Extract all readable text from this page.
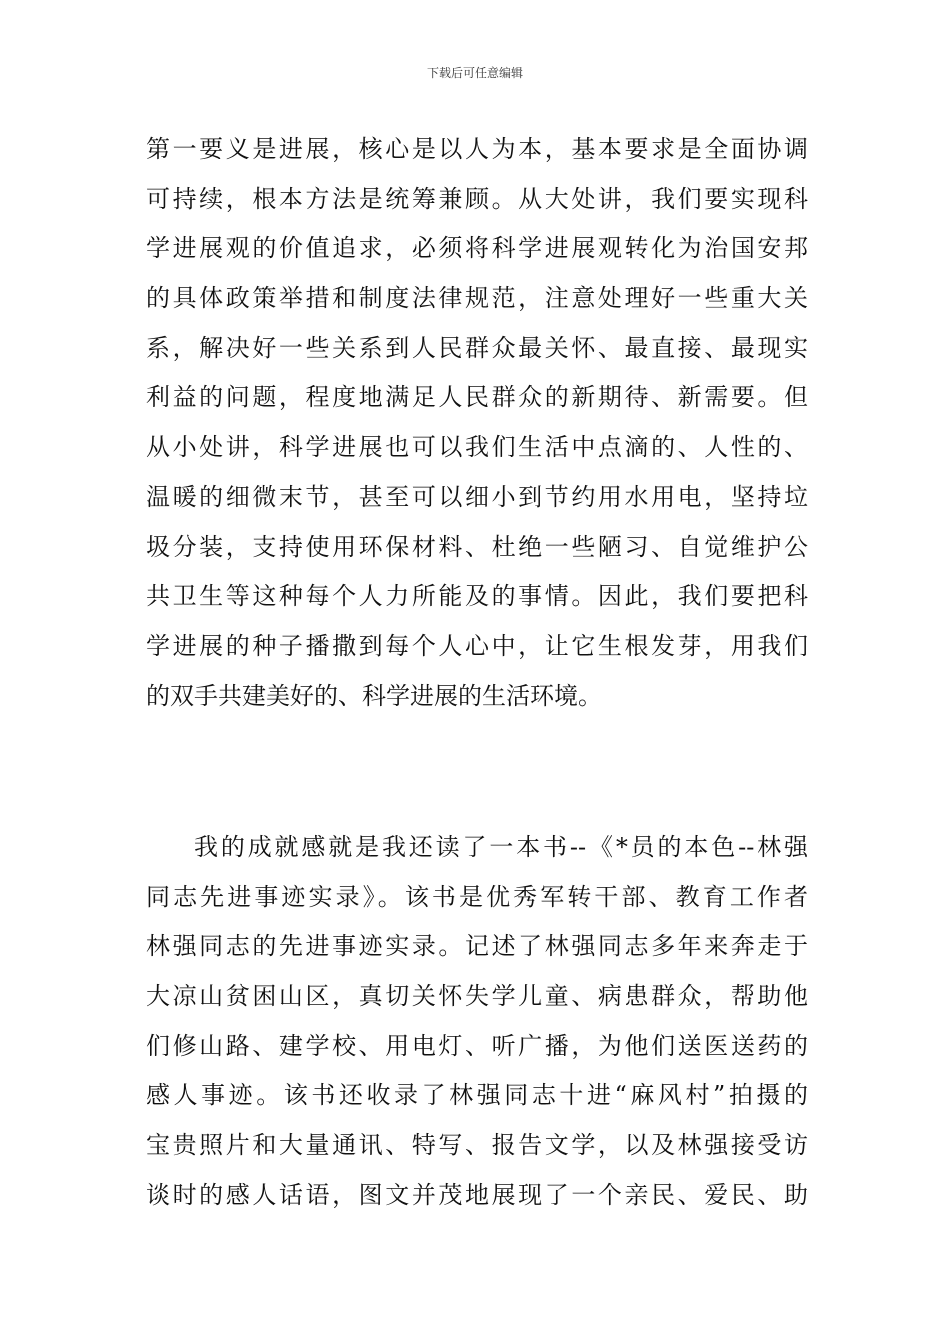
下载后可任意编辑
第一要义是进展，核心是以人为本，基本要求是全面协调
可持续，根本方法是统筹兼顾。从大处讲，我们要实现科
学进展观的价值追求，必须将科学进展观转化为治国安邦
的具体政策举措和制度法律规范，注意处理好一些重大关
系，解决好一些关系到人民群众最关怀、最直接、最现实
利益的问题，程度地满足人民群众的新期待、新需要。但
从小处讲，科学进展也可以我们生活中点滴的、人性的、
温暖的细微末节，甚至可以细小到节约用水用电，坚持垃
圾分装，支持使用环保材料、杜绝一些陋习、自觉维护公
共卫生等这种每个人力所能及的事情。因此，我们要把科
学进展的种子播撒到每个人心中，让它生根发芽，用我们
的双手共建美好的、科学进展的生活环境。
我的成就感就是我还读了一本书--《*员的本色--林强
同志先进事迹实录》。该书是优秀军转干部、教育工作者
林强同志的先进事迹实录。记述了林强同志多年来奔走于
大凉山贫困山区，真切关怀失学儿童、病患群众，帮助他
们修山路、建学校、用电灯、听广播，为他们送医送药的
感人事迹。该书还收录了林强同志十进“麻风村”拍摄的
宝贵照片和大量通讯、特写、报告文学，以及林强接受访
谈时的感人话语，图文并茂地展现了一个亲民、爱民、助
